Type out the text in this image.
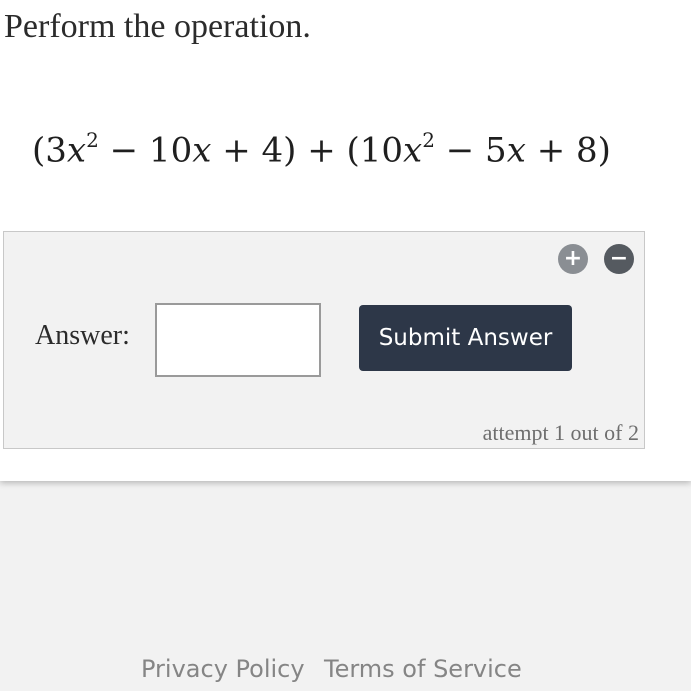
Perform the operation.
$(3x^2 - 10x + 4) + (10x^2 - 5x + 8)$
+ −
Answer:	Submit Answer
attempt 1 out of 2
Privacy Policy Terms of Service
